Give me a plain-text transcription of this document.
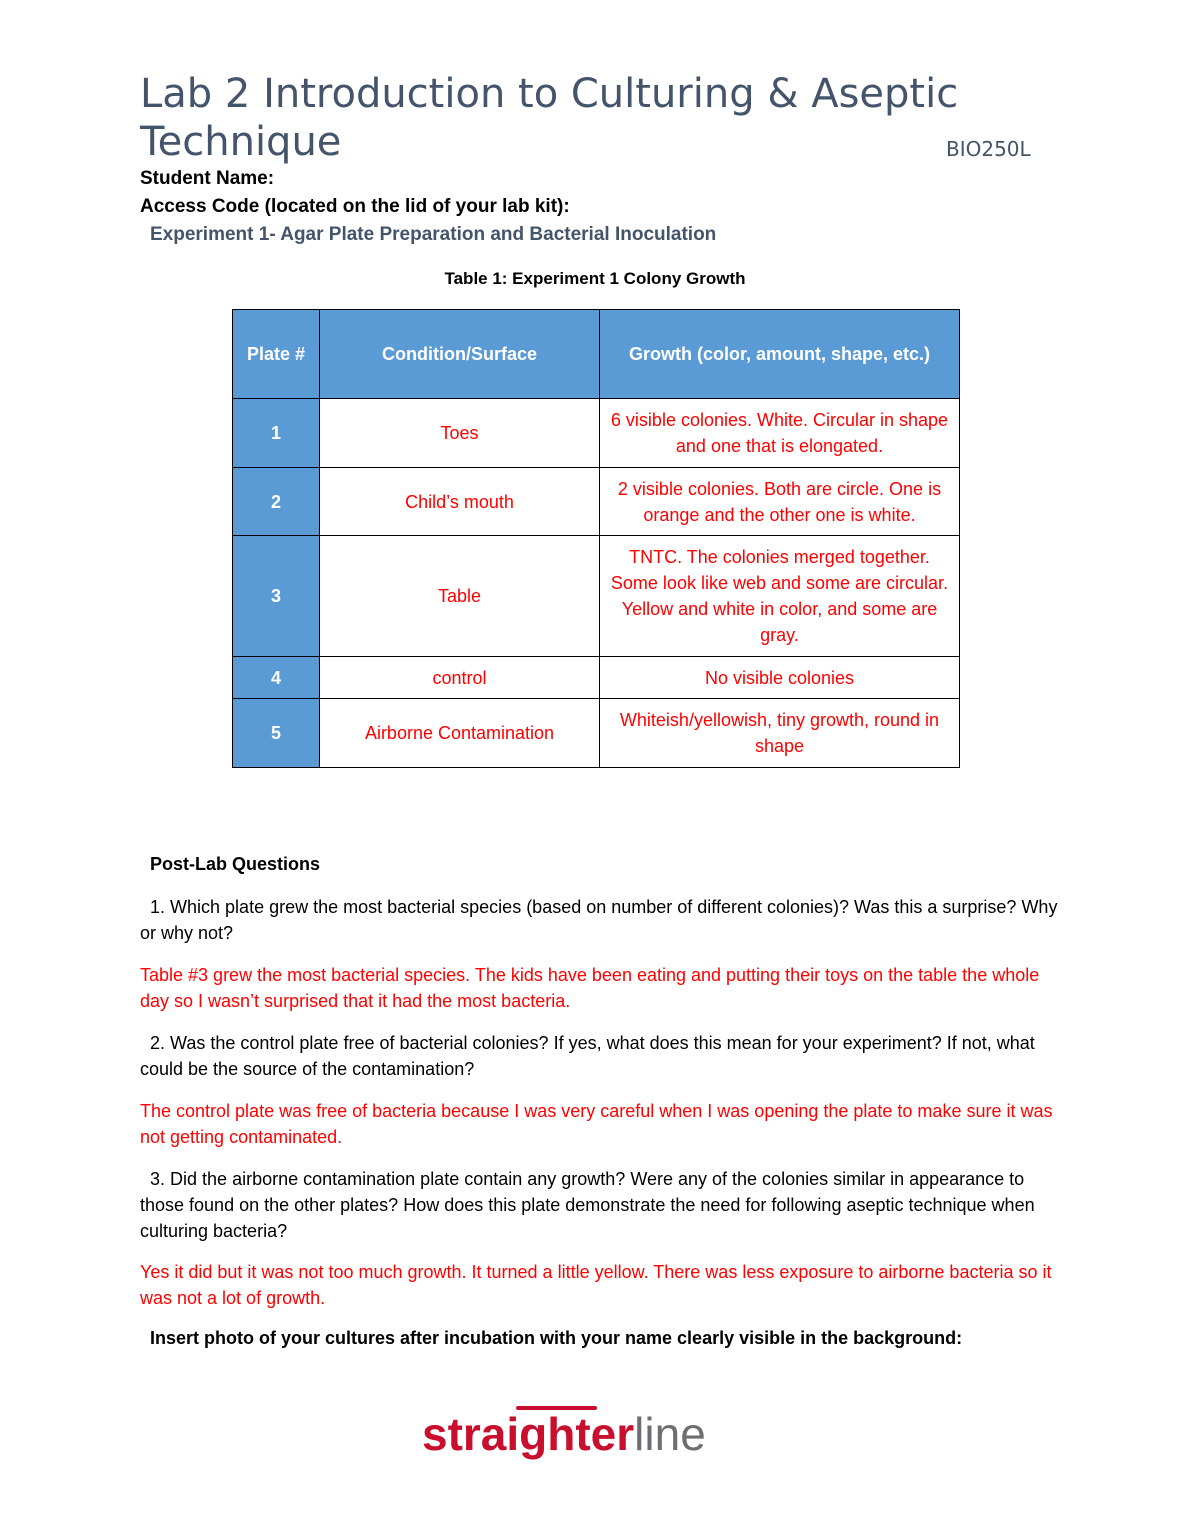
Lab 2 Introduction to Culturing & Aseptic Technique	BIO250L
Student Name:
Access Code (located on the lid of your lab kit):
Experiment 1- Agar Plate Preparation and Bacterial Inoculation
Table 1: Experiment 1 Colony Growth
Plate #	Condition/Surface	Growth (color, amount, shape, etc.)
1	Toes	6 visible colonies. White. Circular in shape and one that is elongated.
2	Child’s mouth	2 visible colonies. Both are circle. One is orange and the other one is white.
3	Table	TNTC. The colonies merged together. Some look like web and some are circular. Yellow and white in color, and some are gray.
4	control	No visible colonies
5	Airborne Contamination	Whiteish/yellowish, tiny growth, round in shape
Post-Lab Questions
1. Which plate grew the most bacterial species (based on number of different colonies)? Was this a surprise? Why or why not?
Table #3 grew the most bacterial species. The kids have been eating and putting their toys on the table the whole day so I wasn’t surprised that it had the most bacteria.
2. Was the control plate free of bacterial colonies? If yes, what does this mean for your experiment? If not, what could be the source of the contamination?
The control plate was free of bacteria because I was very careful when I was opening the plate to make sure it was not getting contaminated.
3. Did the airborne contamination plate contain any growth? Were any of the colonies similar in appearance to those found on the other plates? How does this plate demonstrate the need for following aseptic technique when culturing bacteria?
Yes it did but it was not too much growth. It turned a little yellow. There was less exposure to airborne bacteria so it was not a lot of growth.
Insert photo of your cultures after incubation with your name clearly visible in the background:
straighterline
